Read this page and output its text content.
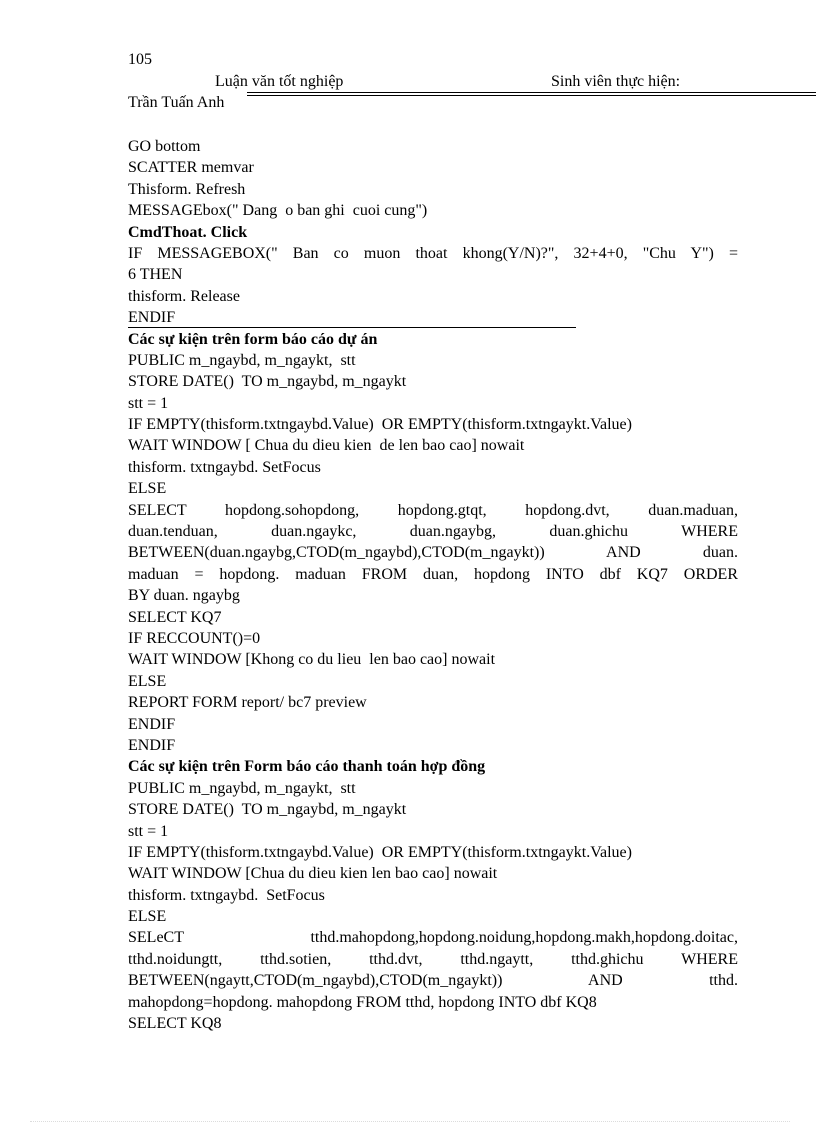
105
Luận văn tốt nghiệp	Sinh viên thực hiện:
Trần Tuấn Anh
GO bottom
SCATTER memvar
Thisform. Refresh
MESSAGEbox(" Dang  o ban ghi  cuoi cung")
CmdThoat. Click
IF MESSAGEBOX(" Ban co muon thoat khong(Y/N)?", 32+4+0, "Chu Y") =
6 THEN
thisform. Release
ENDIF
Các sự kiện trên form báo cáo dự án
PUBLIC m_ngaybd, m_ngaykt,  stt
STORE DATE()  TO m_ngaybd, m_ngaykt
stt = 1
IF EMPTY(thisform.txtngaybd.Value)  OR EMPTY(thisform.txtngaykt.Value)
WAIT WINDOW [ Chua du dieu kien  de len bao cao] nowait
thisform. txtngaybd. SetFocus
ELSE
SELECT hopdong.sohopdong, hopdong.gtqt, hopdong.dvt, duan.maduan,
duan.tenduan, duan.ngaykc, duan.ngaybg, duan.ghichu WHERE
BETWEEN(duan.ngaybg,CTOD(m_ngaybd),CTOD(m_ngaykt)) AND duan.
maduan = hopdong. maduan FROM duan, hopdong INTO dbf KQ7 ORDER
BY duan. ngaybg
SELECT KQ7
IF RECCOUNT()=0
WAIT WINDOW [Khong co du lieu  len bao cao] nowait
ELSE
REPORT FORM report/ bc7 preview
ENDIF
ENDIF
Các sự kiện trên Form báo cáo thanh toán hợp đồng
PUBLIC m_ngaybd, m_ngaykt,  stt
STORE DATE()  TO m_ngaybd, m_ngaykt
stt = 1
IF EMPTY(thisform.txtngaybd.Value)  OR EMPTY(thisform.txtngaykt.Value)
WAIT WINDOW [Chua du dieu kien len bao cao] nowait
thisform. txtngaybd.  SetFocus
ELSE
SELeCT tthd.mahopdong,hopdong.noidung,hopdong.makh,hopdong.doitac,
tthd.noidungtt, tthd.sotien, tthd.dvt, tthd.ngaytt, tthd.ghichu WHERE
BETWEEN(ngaytt,CTOD(m_ngaybd),CTOD(m_ngaykt)) AND tthd.
mahopdong=hopdong. mahopdong FROM tthd, hopdong INTO dbf KQ8
SELECT KQ8
